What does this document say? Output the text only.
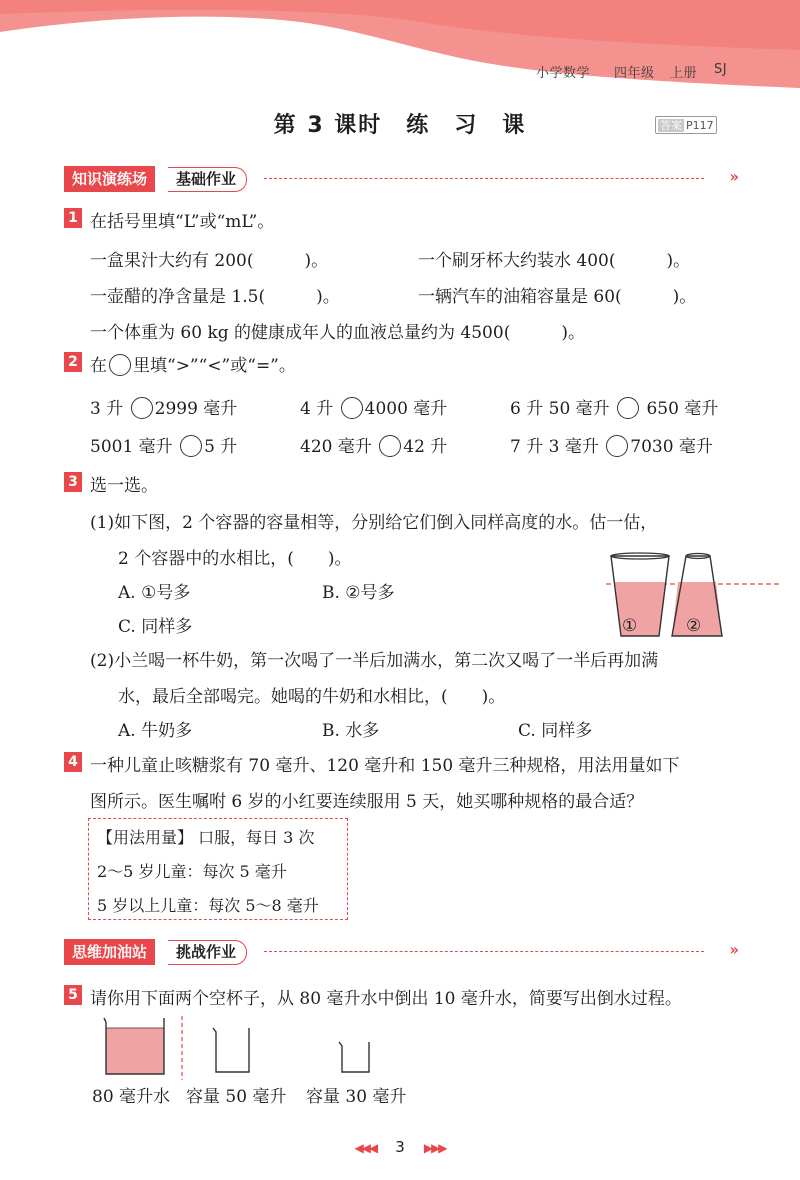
小学数学 四年级 上册 SJ
第 3 课时　练　习　课	答案 P117
知识演练场	基础作业	››
1 在括号里填“L”或“mL”。
一盒果汁大约有 200(　　　)。	一个刷牙杯大约装水 400(　　　)。
一壶醋的净含量是 1.5(　　　)。	一辆汽车的油箱容量是 60(　　　)。
一个体重为 60 kg 的健康成年人的血液总量约为 4500(　　　)。
2 在 里填“>”“<”或“=”。
3 升 2999 毫升	4 升 4000 毫升	6 升 50 毫升 650 毫升
5001 毫升 5 升	420 毫升 42 升	7 升 3 毫升 7030 毫升
3 选一选。
(1)如下图，2 个容器的容量相等，分别给它们倒入同样高度的水。估一估，
2 个容器中的水相比，(　　)。
A. ①号多	B. ②号多
C. 同样多	①	②
(2)小兰喝一杯牛奶，第一次喝了一半后加满水，第二次又喝了一半后再加满
水，最后全部喝完。她喝的牛奶和水相比，(　　)。
A. 牛奶多	B. 水多	C. 同样多
4 一种儿童止咳糖浆有 70 毫升、120 毫升和 150 毫升三种规格，用法用量如下
图所示。医生嘱咐 6 岁的小红要连续服用 5 天，她买哪种规格的最合适？
【用法用量】 口服，每日 3 次
2～5 岁儿童：每次 5 毫升
5 岁以上儿童：每次 5～8 毫升
思维加油站	挑战作业	››
5 请你用下面两个空杯子，从 80 毫升水中倒出 10 毫升水，简要写出倒水过程。
80 毫升水 容量 50 毫升 容量 30 毫升
◀◀◀ 3 ▶▶▶
